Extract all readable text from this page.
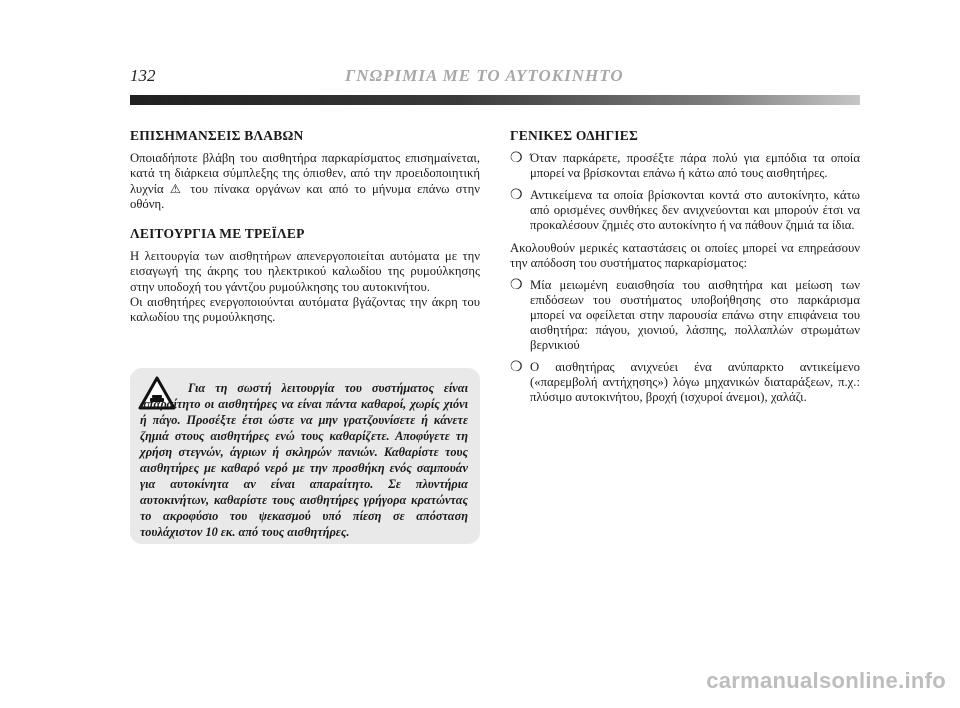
132	ΓΝΩΡΙΜΙΑ ΜΕ ΤΟ ΑΥΤΟΚΙΝΗΤΟ
ΕΠΙΣΗΜΑΝΣΕΙΣ ΒΛΑΒΩΝ

Οποιαδήποτε βλάβη του αισθητήρα παρκαρίσματος επισημαίνεται, κατά τη διάρκεια σύμπλεξης της όπισθεν, από την προειδοποιητική λυχνία ⚠ του πίνακα οργάνων και από το μήνυμα επάνω στην οθόνη.

ΛΕΙΤΟΥΡΓΙΑ ΜΕ ΤΡΕΪΛΕΡ

Η λειτουργία των αισθητήρων απενεργοποιείται αυτόματα με την εισαγωγή της άκρης του ηλεκτρικού καλωδίου της ρυμούλκησης στην υποδοχή του γάντζου ρυμούλκησης του αυτοκινήτου.

Οι αισθητήρες ενεργοποιούνται αυτόματα βγάζοντας την άκρη του καλωδίου της ρυμούλκησης.

Για τη σωστή λειτουργία του συστήματος είναι απαραίτητο οι αισθητήρες να είναι πάντα καθαροί, χωρίς χιόνι ή πάγο. Προσέξτε έτσι ώστε να μην γρατζουνίσετε ή κάνετε ζημιά στους αισθητήρες ενώ τους καθαρίζετε. Αποφύγετε τη χρήση στεγνών, άγριων ή σκληρών πανιών. Καθαρίστε τους αισθητήρες με καθαρό νερό με την προσθήκη ενός σαμπουάν για αυτοκίνητα αν είναι απαραίτητο. Σε πλυντήρια αυτοκινήτων, καθαρίστε τους αισθητήρες γρήγορα κρατώντας το ακροφύσιο του ψεκασμού υπό πίεση σε απόσταση τουλάχιστον 10 εκ. από τους αισθητήρες.
ΓΕΝΙΚΕΣ ΟΔΗΓΙΕΣ
❍ Όταν παρκάρετε, προσέξτε πάρα πολύ για εμπόδια τα οποία μπορεί να βρίσκονται επάνω ή κάτω από τους αισθητήρες.
❍ Αντικείμενα τα οποία βρίσκονται κοντά στο αυτοκίνητο, κάτω από ορισμένες συνθήκες δεν ανιχνεύονται και μπορούν έτσι να προκαλέσουν ζημιές στο αυτοκίνητο ή να πάθουν ζημιά τα ίδια.

Ακολουθούν μερικές καταστάσεις οι οποίες μπορεί να επηρεάσουν την απόδοση του συστήματος παρκαρίσματος:

❍ Μία μειωμένη ευαισθησία του αισθητήρα και μείωση των επιδόσεων του συστήματος υποβοήθησης στο παρκάρισμα μπορεί να οφείλεται στην παρουσία επάνω στην επιφάνεια του αισθητήρα: πάγου, χιονιού, λάσπης, πολλαπλών στρωμάτων βερνικιού
❍ Ο αισθητήρας ανιχνεύει ένα ανύπαρκτο αντικείμενο («παρεμβολή αντήχησης») λόγω μηχανικών διαταράξεων, π.χ.: πλύσιμο αυτοκινήτου, βροχή (ισχυροί άνεμοι), χαλάζι.
carmanualsonline.info
